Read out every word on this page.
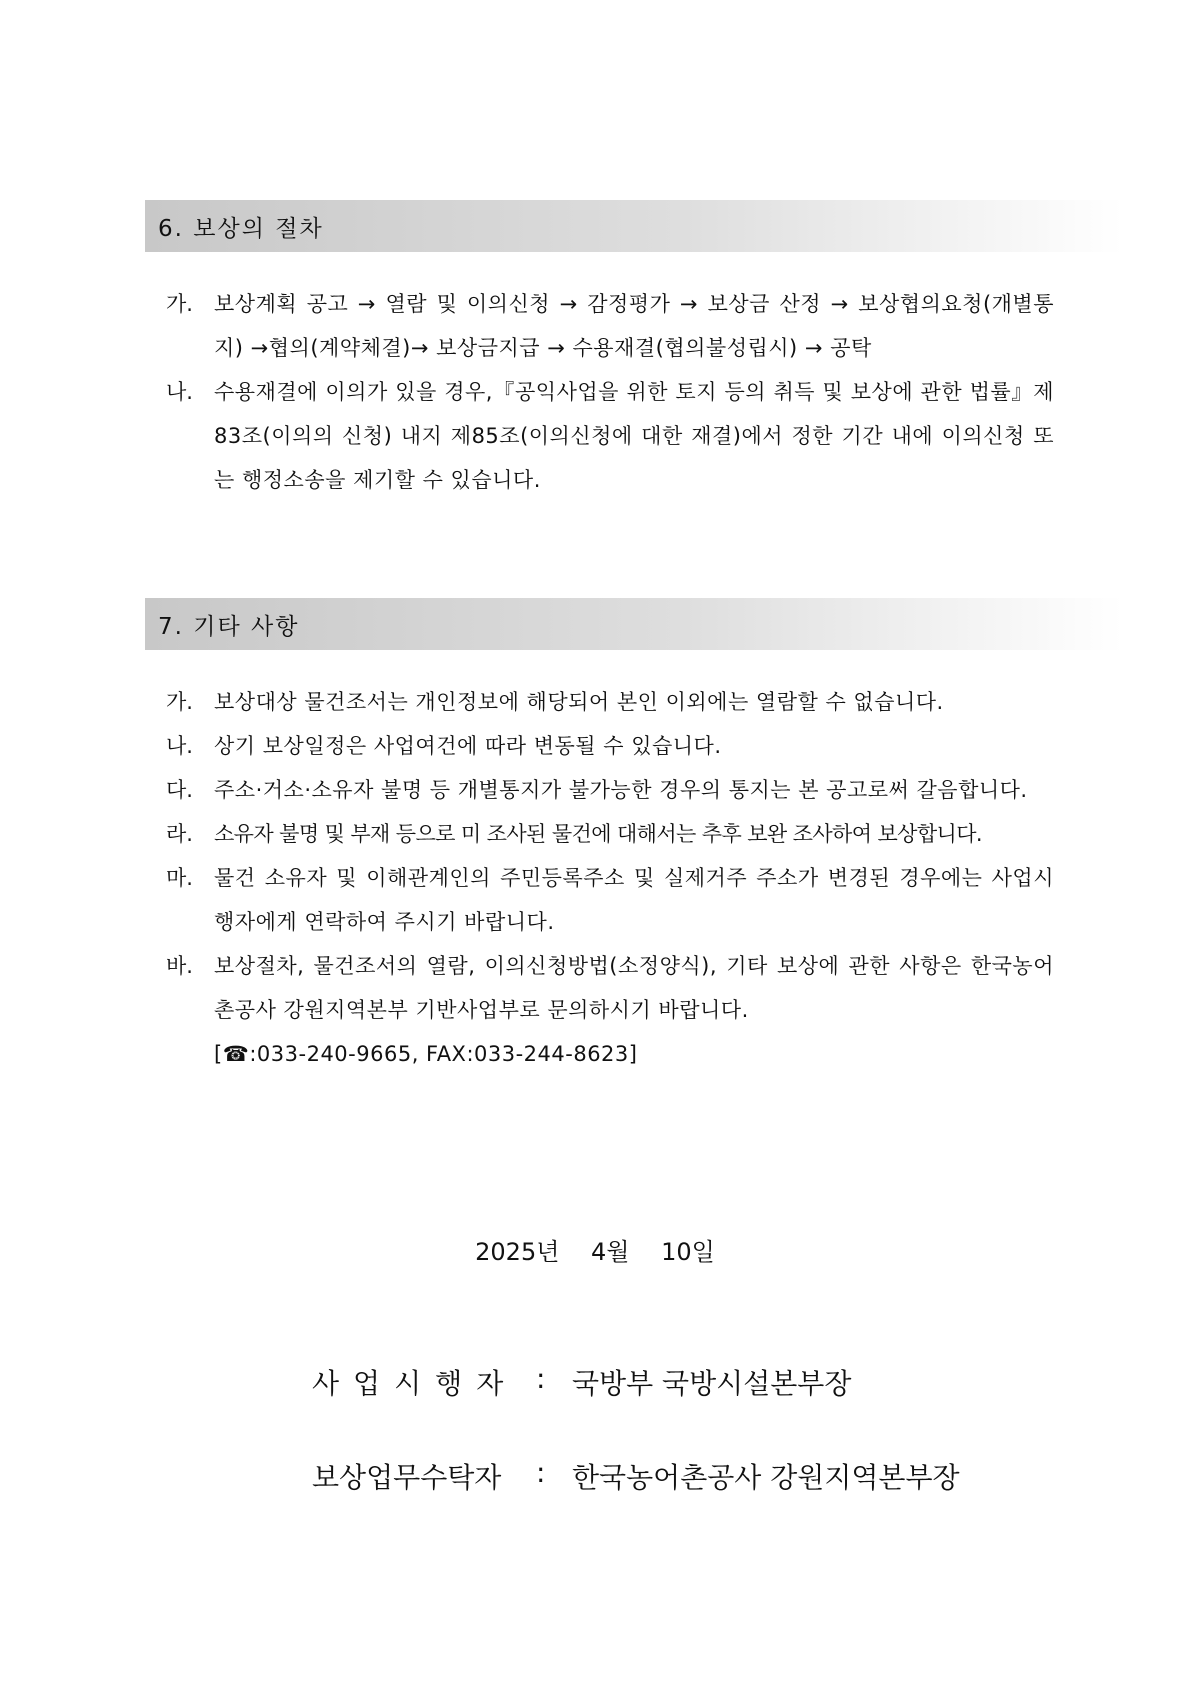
6. 보상의 절차
가.	보상계획 공고 → 열람 및 이의신청 → 감정평가 → 보상금 산정 → 보상협의요청(개별통지) →협의(계약체결)→ 보상금지급 → 수용재결(협의불성립시) → 공탁
나.	수용재결에 이의가 있을 경우,『공익사업을 위한 토지 등의 취득 및 보상에 관한 법률』제83조(이의의 신청) 내지 제85조(이의신청에 대한 재결)에서 정한 기간 내에 이의신청 또는 행정소송을 제기할 수 있습니다.
7. 기타 사항
가.	보상대상 물건조서는 개인정보에 해당되어 본인 이외에는 열람할 수 없습니다.
나.	상기 보상일정은 사업여건에 따라 변동될 수 있습니다.
다.	주소·거소·소유자 불명 등 개별통지가 불가능한 경우의 통지는 본 공고로써 갈음합니다.
라.	소유자 불명 및 부재 등으로 미 조사된 물건에 대해서는 추후 보완 조사하여 보상합니다.
마.	물건 소유자 및 이해관계인의 주민등록주소 및 실제거주 주소가 변경된 경우에는 사업시행자에게 연락하여 주시기 바랍니다.
바.	보상절차, 물건조서의 열람, 이의신청방법(소정양식), 기타 보상에 관한 사항은 한국농어촌공사 강원지역본부 기반사업부로 문의하시기 바랍니다.
[☎:033-240-9665, FAX:033-244-8623]
2025년 4월 10일
사업시행자 : 국방부 국방시설본부장
보상업무수탁자	: 한국농어촌공사 강원지역본부장
